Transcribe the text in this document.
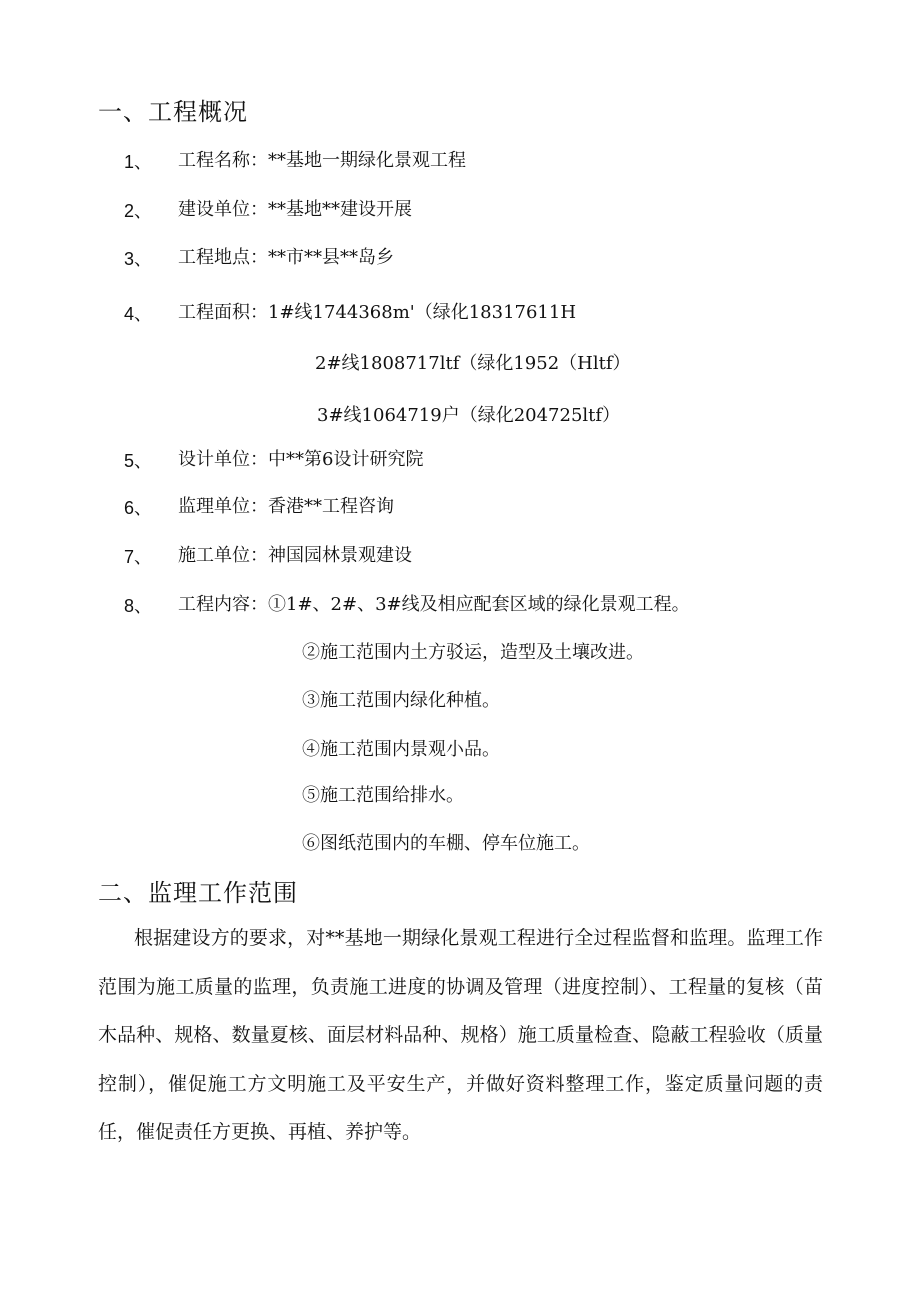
一、工程概况
1、 工程名称：**基地一期绿化景观工程
2、 建设单位：**基地**建设开展
3、 工程地点：**市**县**岛乡
4、 工程面积：1#线1744368m'（绿化18317611H
2#线1808717ltf（绿化1952（Hltf）
3#线1064719户（绿化204725ltf）
5、 设计单位：中**第6设计研究院
6、 监理单位：香港**工程咨询
7、 施工单位：神国园林景观建设
8、 工程内容：①1#、2#、3#线及相应配套区域的绿化景观工程。
②施工范围内土方驳运，造型及土壤改进。
③施工范围内绿化种植。
④施工范围内景观小品。
⑤施工范围给排水。
⑥图纸范围内的车棚、停车位施工。
二、监理工作范围
根据建设方的要求，对**基地一期绿化景观工程进行全过程监督和监理。监理工作范围为施工质量的监理，负责施工进度的协调及管理（进度控制）、工程量的复核（苗木品种、规格、数量夏核、面层材料品种、规格）施工质量检查、隐蔽工程验收（质量控制），催促施工方文明施工及平安生产，并做好资料整理工作，鉴定质量问题的责任，催促责任方更换、再植、养护等。
